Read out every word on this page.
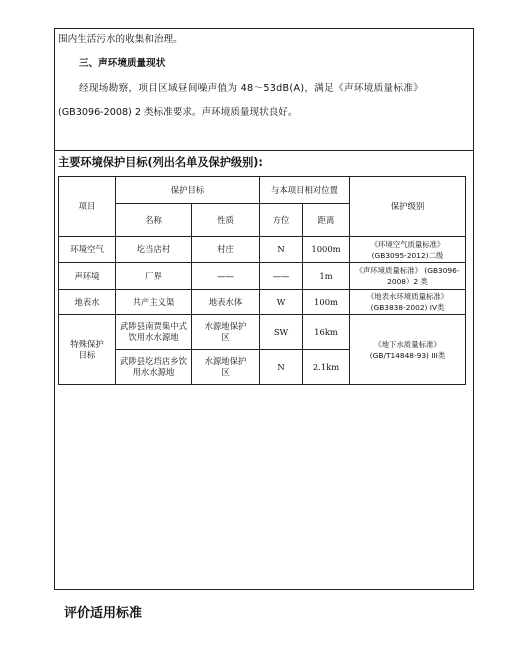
围内生活污水的收集和治理。
三、声环境质量现状
经现场勘察，项目区域昼间噪声值为 48～53dB(A)，满足《声环境质量标准》
(GB3096-2008) 2 类标准要求。声环境质量现状良好。
主要环境保护目标(列出名单及保护级别):
项目	保护目标		与本项目相对位置		保护级别
	名称	性质	方位	距离	
环境空气	圪当店村	村庄	N	1000m	《环境空气质量标准》 (GB3095-2012)二级
声环境	厂界	——	——	1m	《声环境质量标准》 (GB3096-2008）2 类
地表水	共产主义渠	地表水体	W	100m	《地表水环境质量标准》 (GB3838-2002) IV类
特殊保护目标	武陟县南贾集中式饮用水水源地	水源地保护区	SW	16km	《地下水质量标准》 (GB/T14848-93) III类
	武陟县圪垱店乡饮用水水源地	水源地保护区	N	2.1km	
评价适用标准
